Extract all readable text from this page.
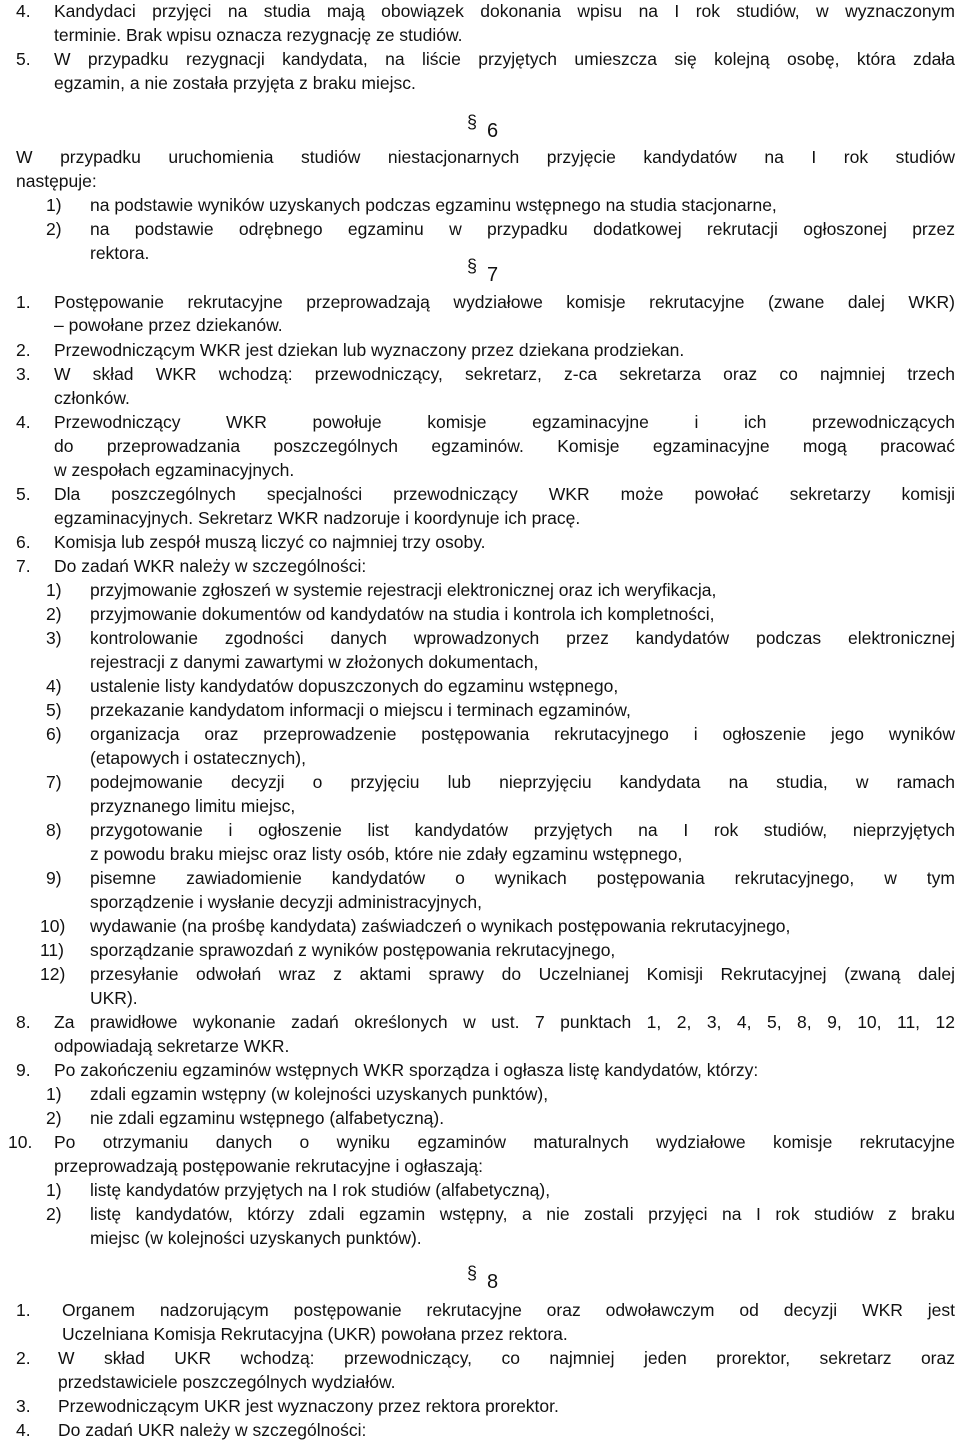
4. Kandydaci przyjęci na studia mają obowiązek dokonania wpisu na I rok studiów, w wyznaczonym
terminie. Brak wpisu oznacza rezygnację ze studiów.
5. W przypadku rezygnacji kandydata, na liście przyjętych umieszcza się kolejną osobę, która zdała
egzamin, a nie została przyjęta z braku miejsc.
§ 6
W przypadku uruchomienia studiów niestacjonarnych przyjęcie kandydatów na I rok studiów
następuje:
1) na podstawie wyników uzyskanych podczas egzaminu wstępnego na studia stacjonarne,
2) na podstawie odrębnego egzaminu w przypadku dodatkowej rekrutacji ogłoszonej przez
rektora.
§ 7
1. Postępowanie rekrutacyjne przeprowadzają wydziałowe komisje rekrutacyjne (zwane dalej WKR)
– powołane przez dziekanów.
2. Przewodniczącym WKR jest dziekan lub wyznaczony przez dziekana prodziekan.
3. W skład WKR wchodzą: przewodniczący, sekretarz, z-ca sekretarza oraz co najmniej trzech
członków.
4. Przewodniczący WKR powołuje komisje egzaminacyjne i ich przewodniczących
do przeprowadzania poszczególnych egzaminów. Komisje egzaminacyjne mogą pracować
w zespołach egzaminacyjnych.
5. Dla poszczególnych specjalności przewodniczący WKR może powołać sekretarzy komisji
egzaminacyjnych. Sekretarz WKR nadzoruje i koordynuje ich pracę.
6. Komisja lub zespół muszą liczyć co najmniej trzy osoby.
7. Do zadań WKR należy w szczególności:
1) przyjmowanie zgłoszeń w systemie rejestracji elektronicznej oraz ich weryfikacja,
2) przyjmowanie dokumentów od kandydatów na studia i kontrola ich kompletności,
3) kontrolowanie zgodności danych wprowadzonych przez kandydatów podczas elektronicznej
rejestracji z danymi zawartymi w złożonych dokumentach,
4) ustalenie listy kandydatów dopuszczonych do egzaminu wstępnego,
5) przekazanie kandydatom informacji o miejscu i terminach egzaminów,
6) organizacja oraz przeprowadzenie postępowania rekrutacyjnego i ogłoszenie jego wyników
(etapowych i ostatecznych),
7) podejmowanie decyzji o przyjęciu lub nieprzyjęciu kandydata na studia, w ramach
przyznanego limitu miejsc,
8) przygotowanie i ogłoszenie list kandydatów przyjętych na I rok studiów, nieprzyjętych
z powodu braku miejsc oraz listy osób, które nie zdały egzaminu wstępnego,
9) pisemne zawiadomienie kandydatów o wynikach postępowania rekrutacyjnego, w tym
sporządzenie i wysłanie decyzji administracyjnych,
10) wydawanie (na prośbę kandydata) zaświadczeń o wynikach postępowania rekrutacyjnego,
11) sporządzanie sprawozdań z wyników postępowania rekrutacyjnego,
12) przesyłanie odwołań wraz z aktami sprawy do Uczelnianej Komisji Rekrutacyjnej (zwaną dalej
UKR).
8. Za prawidłowe wykonanie zadań określonych w ust. 7 punktach 1, 2, 3, 4, 5, 8, 9, 10, 11, 12
odpowiadają sekretarze WKR.
9. Po zakończeniu egzaminów wstępnych WKR sporządza i ogłasza listę kandydatów, którzy:
1) zdali egzamin wstępny (w kolejności uzyskanych punktów),
2) nie zdali egzaminu wstępnego (alfabetyczną).
10. Po otrzymaniu danych o wyniku egzaminów maturalnych wydziałowe komisje rekrutacyjne
przeprowadzają postępowanie rekrutacyjne i ogłaszają:
1) listę kandydatów przyjętych na I rok studiów (alfabetyczną),
2) listę kandydatów, którzy zdali egzamin wstępny, a nie zostali przyjęci na I rok studiów z braku
miejsc (w kolejności uzyskanych punktów).
§ 8
1. Organem nadzorującym postępowanie rekrutacyjne oraz odwoławczym od decyzji WKR jest
Uczelniana Komisja Rekrutacyjna (UKR) powołana przez rektora.
2. W skład UKR wchodzą: przewodniczący, co najmniej jeden prorektor, sekretarz oraz
przedstawiciele poszczególnych wydziałów.
3. Przewodniczącym UKR jest wyznaczony przez rektora prorektor.
4. Do zadań UKR należy w szczególności:
